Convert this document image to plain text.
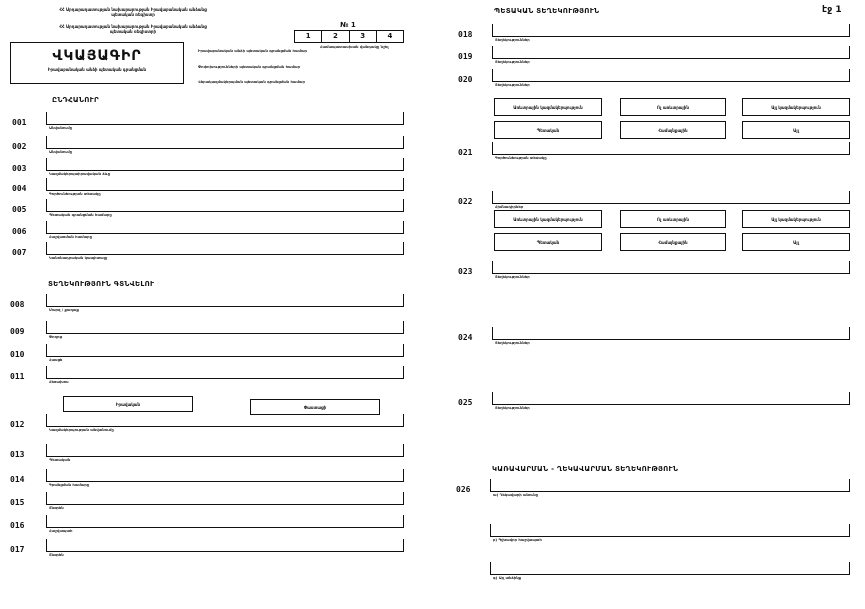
ՀՀ Արդարադատության նախարարության Իրավաբանական անձանց պետական ռեգիստր
ՀՀ Արդարադատության նախարարության Իրավաբանական անձանց պետական ռեգիստրի
№ 1
1	2	3	4
Համապատասխան վանդակը նշել
ՎԿԱՅԱԳԻՐ
Իրավաբանական անձի պետական գրանցման
Իրավաբանական անձի պետական գրանցման համար
Փոփոխությունների պետական գրանցման համար
Վերակազմակերպման պետական գրանցման համար
ԸՆԴՀԱՆՈՒՐ
001
Անվանումը
002
Անվանումը
003
Կազմակերպաիրավական ձևը
004
Գործունեության տեսակը
005
Պետական գրանցման համարը
006
Հաշվառման համարը
007
Կանոնադրական կապիտալը
ՏԵՂԵԿՈՒԹՅՈՒՆ ԳՏՆՎԵԼՈՒ
008
Մարզ / քաղաք
009
Փողոց
010
Հասցե
011
Հեռախոս
Իրավական
Փաստացի
012
Կազմակերպության անվանումը
013
Պետական
014
Գրանցման համարը
015
Տնօրեն
016
Հաշվապահ
017
Տնօրեն
ՊԵՏԱԿԱՆ ՏԵՂԵԿՈՒԹՅՈՒՆ	էջ 1
018
Տեղեկություններ
019
Տեղեկություններ
020
Տեղեկություններ
Առևտրային կազմակերպություն	Ոչ առևտրային	Այլ կազմակերպություն
Պետական	Համայնքային	Այլ
021
Գործունեության տեսակը
022
Հիմնադիրներ
Առևտրային կազմակերպություն	Ոչ առևտրային	Այլ կազմակերպություն
Պետական	Համայնքային	Այլ
023
Տեղեկություններ
024
Տեղեկություններ
025
Տեղեկություններ
ԿԱՌԱՎԱՐՄԱՆ - ՂԵԿԱՎԱՐՄԱՆ ՏԵՂԵԿՈՒԹՅՈՒՆ
026
ա) Ղեկավարի անունը
բ) Գլխավոր հաշվապահ
գ) Այլ անձինք
